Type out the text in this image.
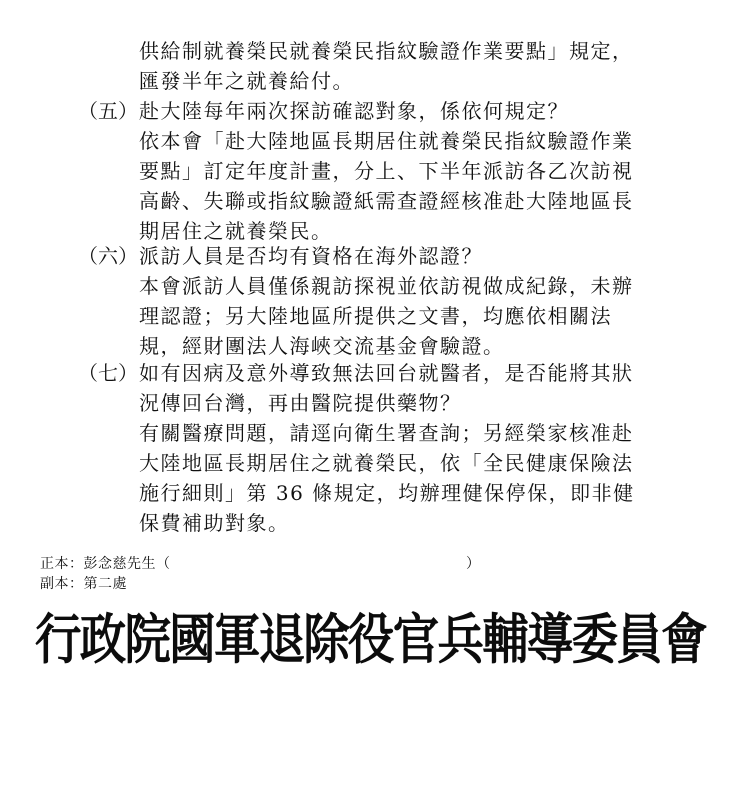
供給制就養榮民就養榮民指紋驗證作業要點」規定，
匯發半年之就養給付。
（五） 赴大陸每年兩次探訪確認對象，係依何規定？
依本會「赴大陸地區長期居住就養榮民指紋驗證作業
要點」訂定年度計畫，分上、下半年派訪各乙次訪視
高齡、失聯或指紋驗證紙需查證經核准赴大陸地區長
期居住之就養榮民。
（六） 派訪人員是否均有資格在海外認證？
本會派訪人員僅係親訪探視並依訪視做成紀錄，未辦
理認證；另大陸地區所提供之文書，均應依相關法
規，經財團法人海峽交流基金會驗證。
（七） 如有因病及意外導致無法回台就醫者，是否能將其狀
況傳回台灣，再由醫院提供藥物？
有關醫療問題，請逕向衛生署查詢；另經榮家核准赴
大陸地區長期居住之就養榮民，依「全民健康保險法
施行細則」第 36 條規定，均辦理健保停保，即非健
保費補助對象。
正本：彭念慈先生（	）
副本：第二處
行政院國軍退除役官兵輔導委員會
